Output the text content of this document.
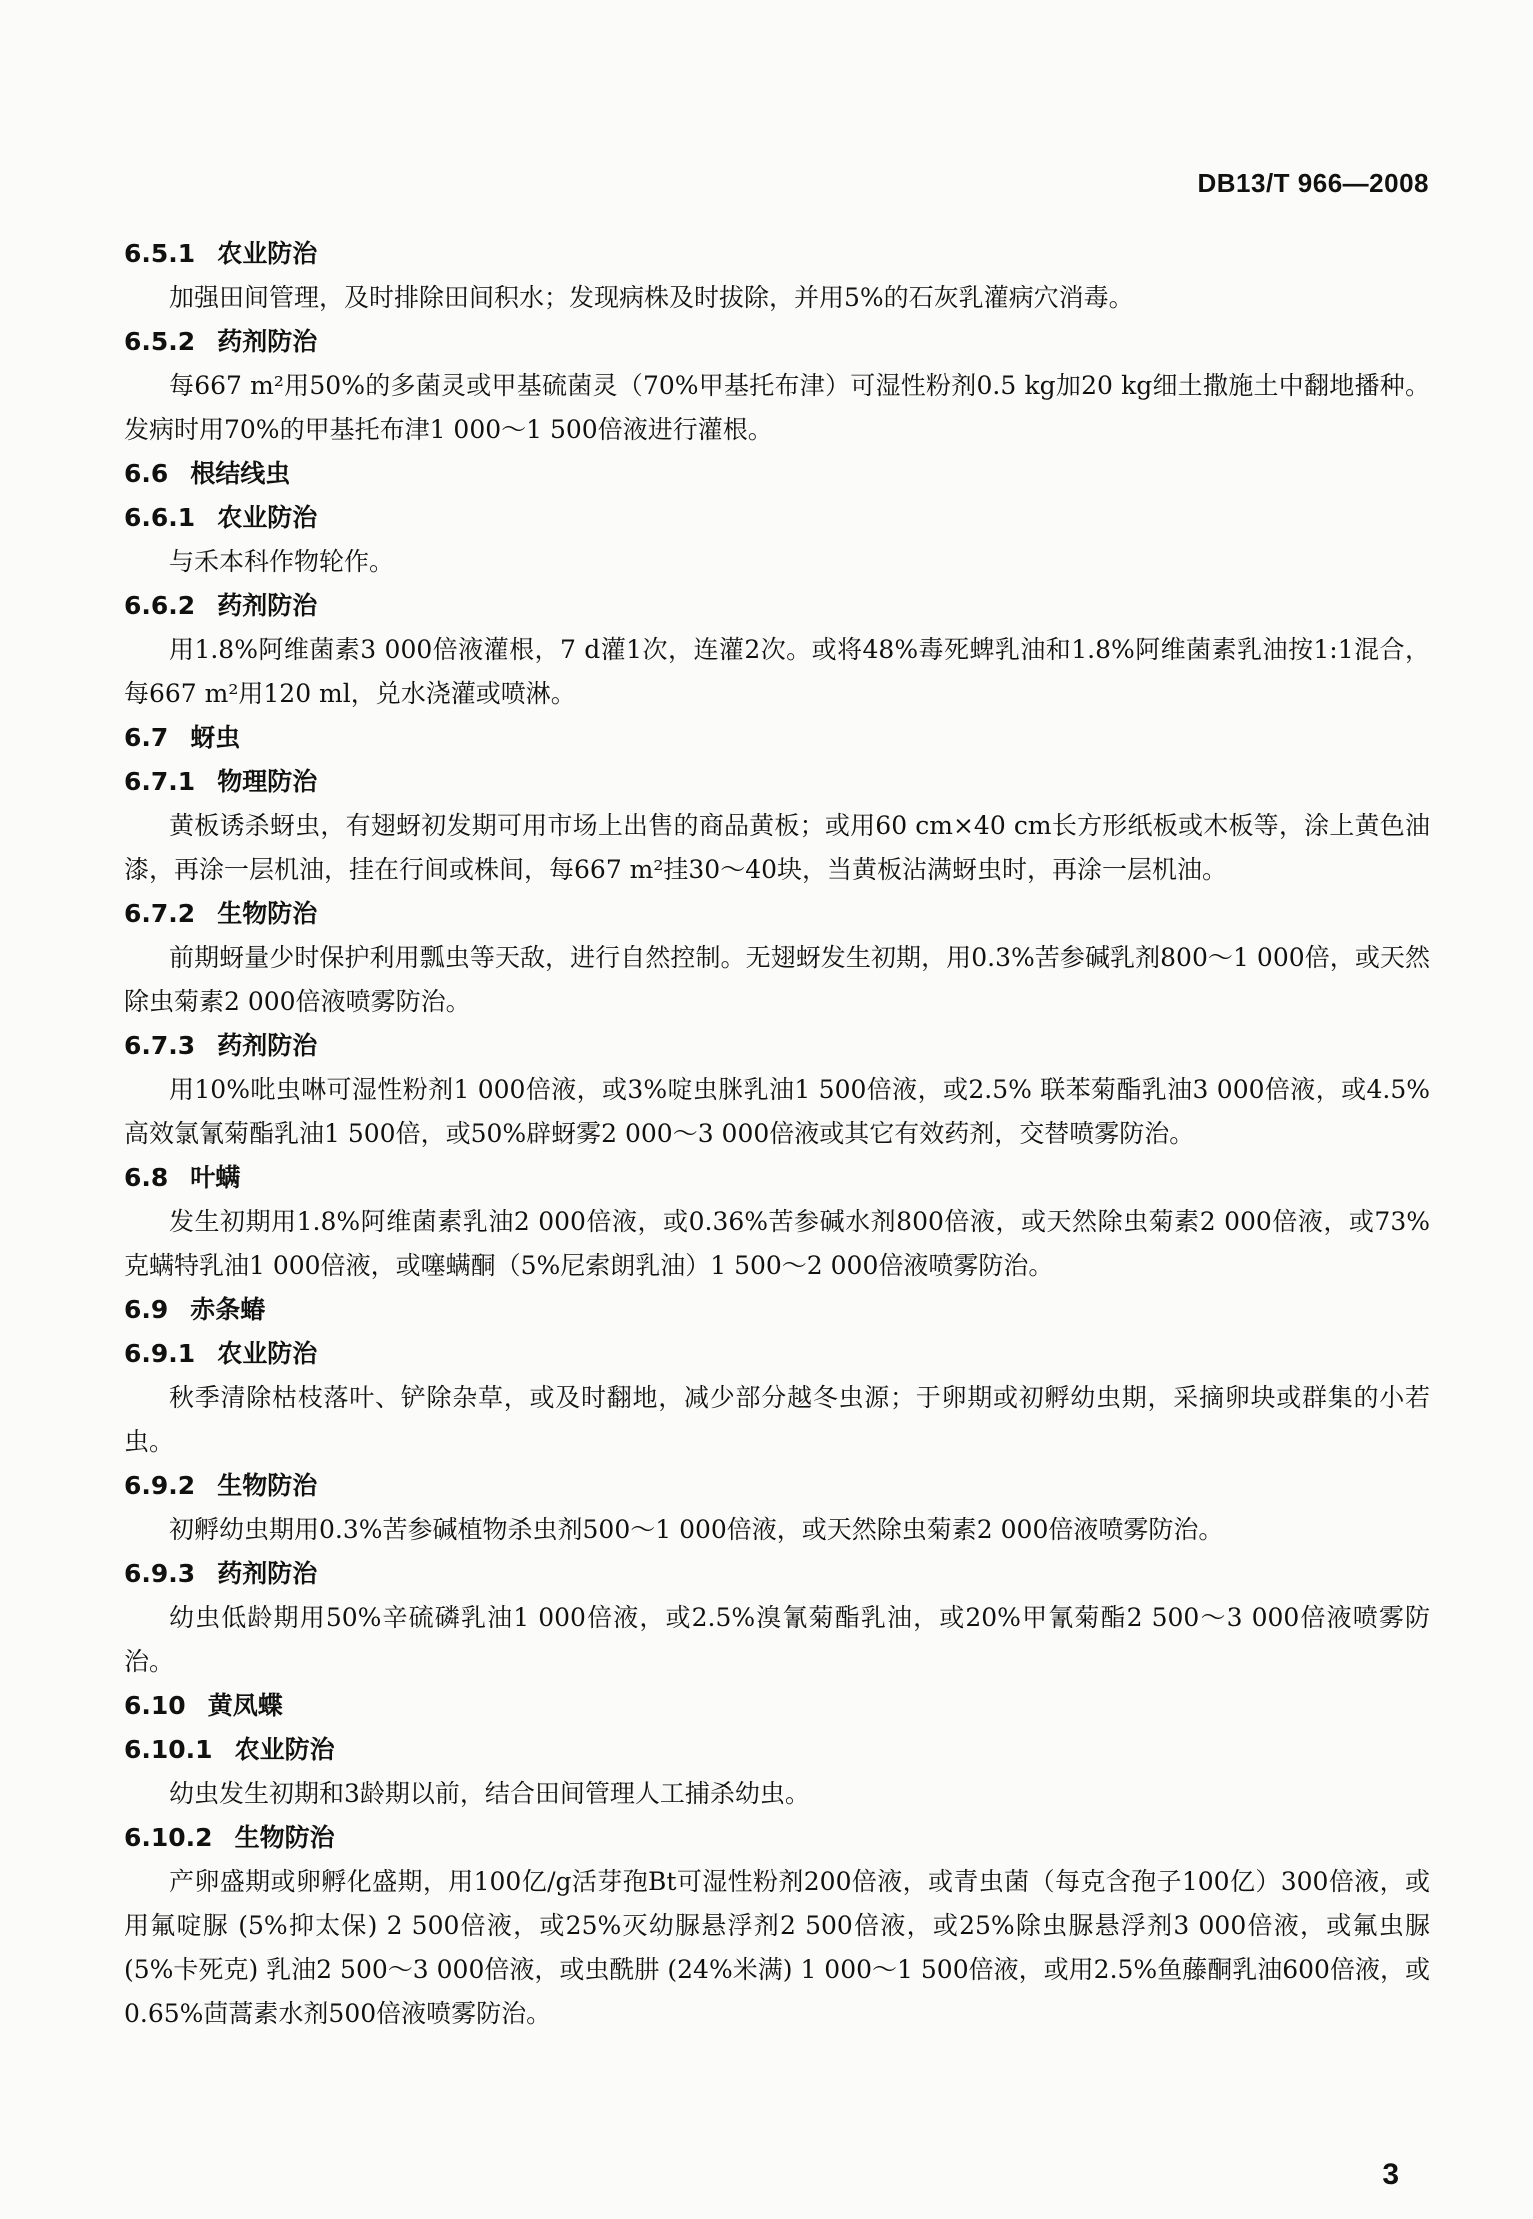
DB13/T 966—2008
6.5.1 农业防治
加强田间管理，及时排除田间积水；发现病株及时拔除，并用5%的石灰乳灌病穴消毒。
6.5.2 药剂防治
每667 m²用50%的多菌灵或甲基硫菌灵（70%甲基托布津）可湿性粉剂0.5 kg加20 kg细土撒施土中翻地播种。发病时用70%的甲基托布津1 000～1 500倍液进行灌根。
6.6 根结线虫
6.6.1 农业防治
与禾本科作物轮作。
6.6.2 药剂防治
用1.8%阿维菌素3 000倍液灌根，7 d灌1次，连灌2次。或将48%毒死蜱乳油和1.8%阿维菌素乳油按1:1混合，每667 m²用120 ml，兑水浇灌或喷淋。
6.7 蚜虫
6.7.1 物理防治
黄板诱杀蚜虫，有翅蚜初发期可用市场上出售的商品黄板；或用60 cm×40 cm长方形纸板或木板等，涂上黄色油漆，再涂一层机油，挂在行间或株间，每667 m²挂30～40块，当黄板沾满蚜虫时，再涂一层机油。
6.7.2 生物防治
前期蚜量少时保护利用瓢虫等天敌，进行自然控制。无翅蚜发生初期，用0.3%苦参碱乳剂800～1 000倍，或天然除虫菊素2 000倍液喷雾防治。
6.7.3 药剂防治
用10%吡虫啉可湿性粉剂1 000倍液，或3%啶虫脒乳油1 500倍液，或2.5% 联苯菊酯乳油3 000倍液，或4.5% 高效氯氰菊酯乳油1 500倍，或50%辟蚜雾2 000～3 000倍液或其它有效药剂，交替喷雾防治。
6.8 叶螨
发生初期用1.8%阿维菌素乳油2 000倍液，或0.36%苦参碱水剂800倍液，或天然除虫菊素2 000倍液，或73%克螨特乳油1 000倍液，或噻螨酮（5%尼索朗乳油）1 500～2 000倍液喷雾防治。
6.9 赤条蝽
6.9.1 农业防治
秋季清除枯枝落叶、铲除杂草，或及时翻地，减少部分越冬虫源；于卵期或初孵幼虫期，采摘卵块或群集的小若虫。
6.9.2 生物防治
初孵幼虫期用0.3%苦参碱植物杀虫剂500～1 000倍液，或天然除虫菊素2 000倍液喷雾防治。
6.9.3 药剂防治
幼虫低龄期用50%辛硫磷乳油1 000倍液，或2.5%溴氰菊酯乳油，或20%甲氰菊酯2 500～3 000倍液喷雾防治。
6.10 黄凤蝶
6.10.1 农业防治
幼虫发生初期和3龄期以前，结合田间管理人工捕杀幼虫。
6.10.2 生物防治
产卵盛期或卵孵化盛期，用100亿/g活芽孢Bt可湿性粉剂200倍液，或青虫菌（每克含孢子100亿）300倍液，或用氟啶脲 (5%抑太保) 2 500倍液，或25%灭幼脲悬浮剂2 500倍液，或25%除虫脲悬浮剂3 000倍液，或氟虫脲 (5%卡死克) 乳油2 500～3 000倍液，或虫酰肼 (24%米满) 1 000～1 500倍液，或用2.5%鱼藤酮乳油600倍液，或0.65%茴蒿素水剂500倍液喷雾防治。
3
